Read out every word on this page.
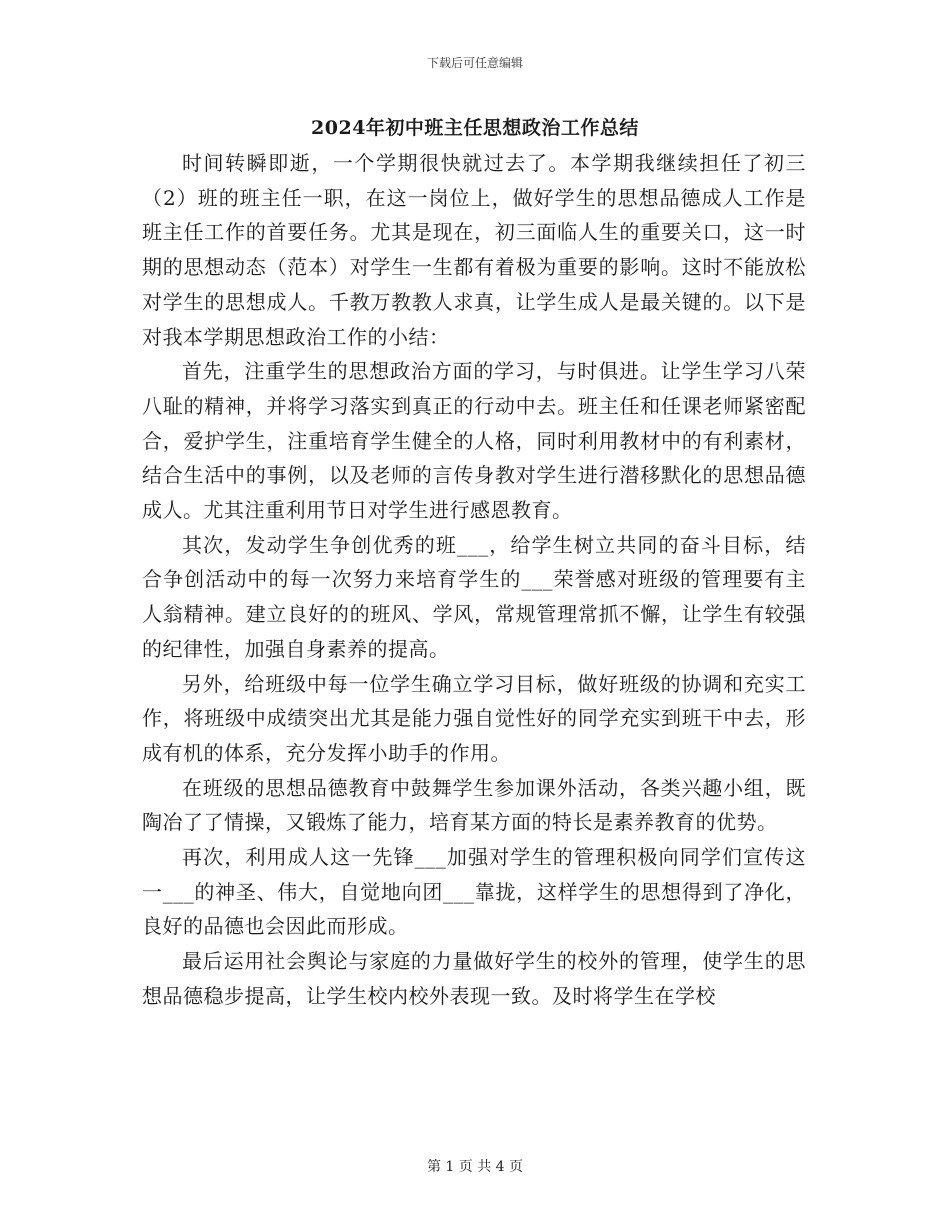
下载后可任意编辑
2024年初中班主任思想政治工作总结

时间转瞬即逝，一个学期很快就过去了。本学期我继续担任了初三（2）班的班主任一职，在这一岗位上，做好学生的思想品德成人工作是班主任工作的首要任务。尤其是现在，初三面临人生的重要关口，这一时期的思想动态（范本）对学生一生都有着极为重要的影响。这时不能放松对学生的思想成人。千教万教教人求真，让学生成人是最关键的。以下是对我本学期思想政治工作的小结：

首先，注重学生的思想政治方面的学习，与时俱进。让学生学习八荣八耻的精神，并将学习落实到真正的行动中去。班主任和任课老师紧密配合，爱护学生，注重培育学生健全的人格，同时利用教材中的有利素材，结合生活中的事例，以及老师的言传身教对学生进行潜移默化的思想品德成人。尤其注重利用节日对学生进行感恩教育。

其次，发动学生争创优秀的班___，给学生树立共同的奋斗目标，结合争创活动中的每一次努力来培育学生的___荣誉感对班级的管理要有主人翁精神。建立良好的的班风、学风，常规管理常抓不懈，让学生有较强的纪律性，加强自身素养的提高。

另外，给班级中每一位学生确立学习目标，做好班级的协调和充实工作，将班级中成绩突出尤其是能力强自觉性好的同学充实到班干中去，形成有机的体系，充分发挥小助手的作用。

在班级的思想品德教育中鼓舞学生参加课外活动，各类兴趣小组，既陶冶了了情操，又锻炼了能力，培育某方面的特长是素养教育的优势。

再次，利用成人这一先锋___加强对学生的管理积极向同学们宣传这一___的神圣、伟大，自觉地向团___靠拢，这样学生的思想得到了净化，良好的品德也会因此而形成。

最后运用社会舆论与家庭的力量做好学生的校外的管理，使学生的思想品德稳步提高，让学生校内校外表现一致。及时将学生在学校

第 1 页 共 4 页
